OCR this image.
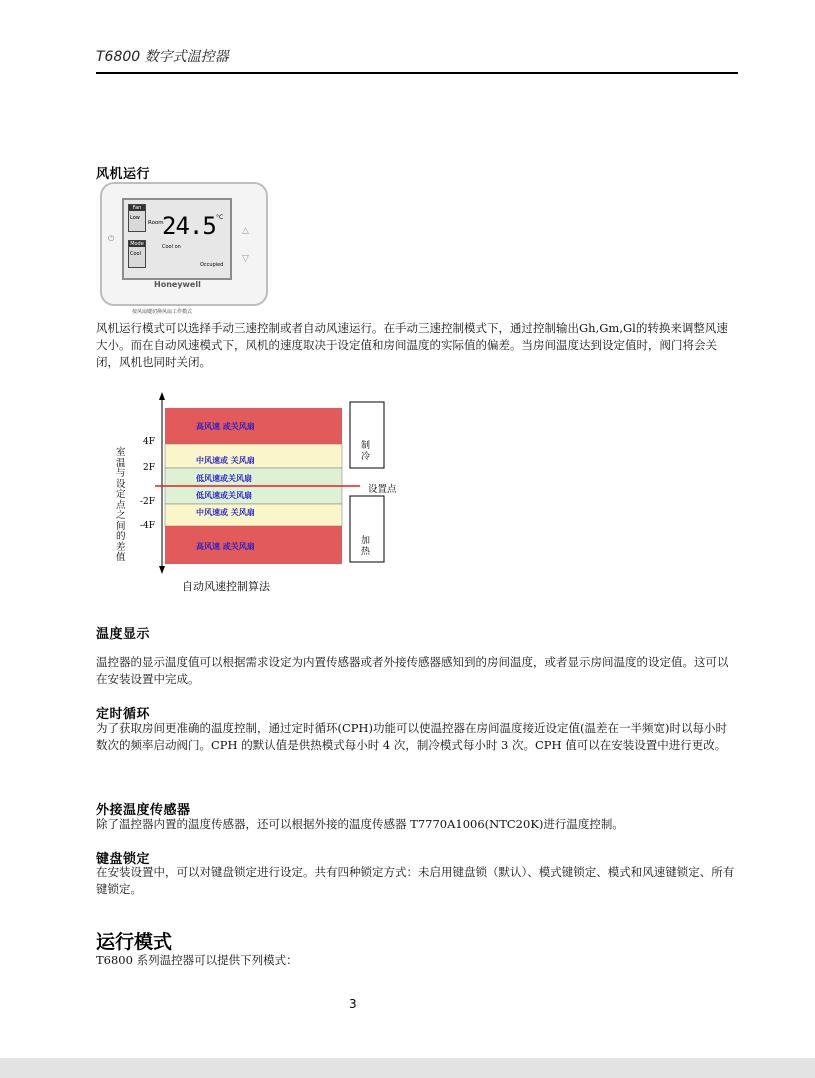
T6800 数字式温控器
风机运行
Fan
Low
Mode
Cool
Room
24.5 °C
Cool on
Occupied
△
▽
⏻
Honeywell
按风扇键切换风扇工作模式
风机运行模式可以选择手动三速控制或者自动风速运行。在手动三速控制模式下，通过控制输出Gh,Gm,Gl的转换来调整风速大小。而在自动风速模式下，风机的速度取决于设定值和房间温度的实际值的偏差。当房间温度达到设定值时，阀门将会关闭，风机也同时关闭。
高风速 或关风扇
中风速或 关风扇
低风速或关风扇
低风速或关风扇
中风速或 关风扇
高风速 或关风扇
4F
2F
-2F
-4F
室温与设定点之间的差值
设置点
制冷
加热
自动风速控制算法
温度显示
温控器的显示温度值可以根据需求设定为内置传感器或者外接传感器感知到的房间温度，或者显示房间温度的设定值。这可以在安装设置中完成。
定时循环
为了获取房间更准确的温度控制，通过定时循环(CPH)功能可以使温控器在房间温度接近设定值(温差在一半频宽)时以每小时数次的频率启动阀门。CPH 的默认值是供热模式每小时 4 次，制冷模式每小时 3 次。CPH 值可以在安装设置中进行更改。
外接温度传感器
除了温控器内置的温度传感器，还可以根据外接的温度传感器 T7770A1006(NTC20K)进行温度控制。
键盘锁定
在安装设置中，可以对键盘锁定进行设定。共有四种锁定方式：未启用键盘锁（默认）、模式键锁定、模式和风速键锁定、所有键锁定。
运行模式
T6800 系列温控器可以提供下列模式：
3
